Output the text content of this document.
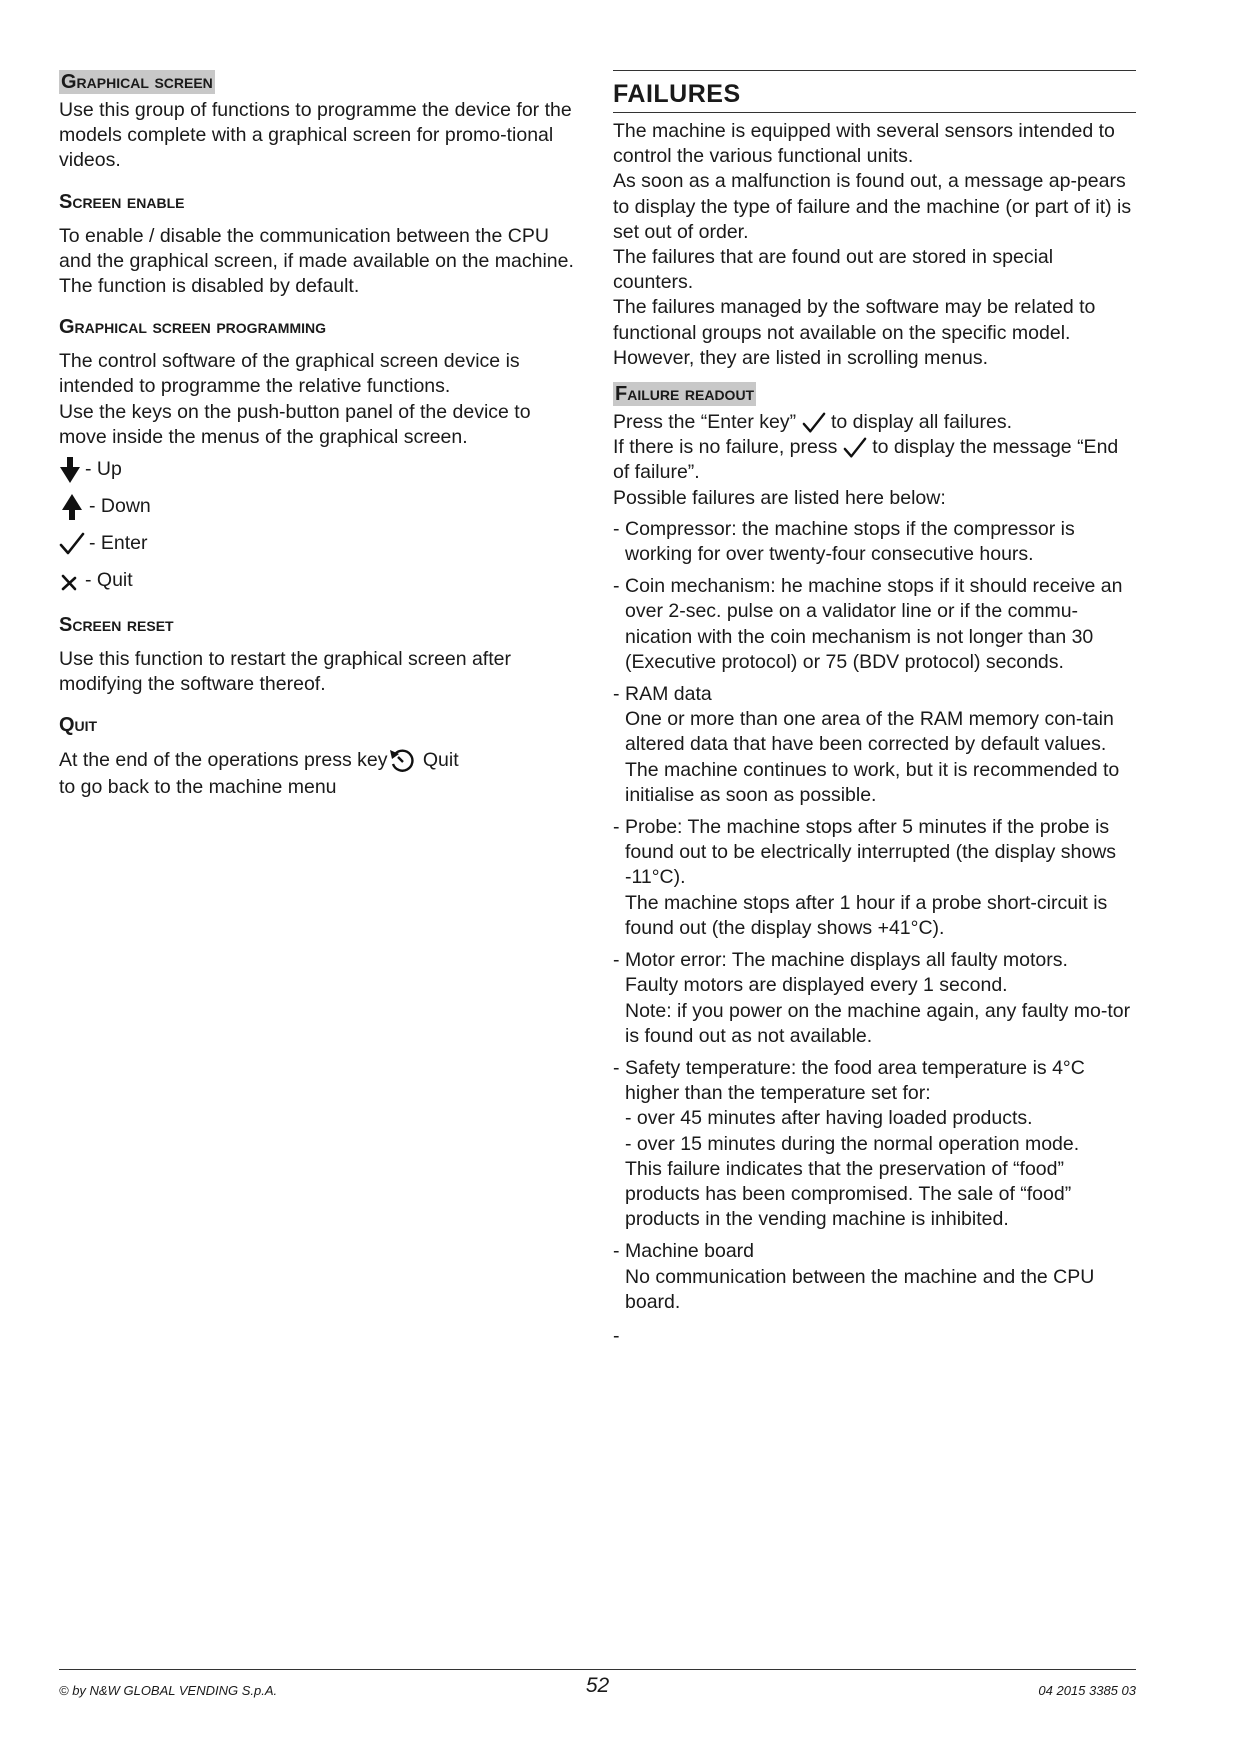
Graphical screen

Use this group of functions to programme the device for the models complete with a graphical screen for promo-tional videos.

Screen enable

To enable / disable the communication between the CPU and the graphical screen, if made available on the machine.

The function is disabled by default.

Graphical screen programming

The control software of the graphical screen device is intended to programme the relative functions.

Use the keys on the push-button panel of the device to move inside the menus of the graphical screen.

- Up
- Down
- Enter
- Quit
Screen reset

Use this function to restart the graphical screen after modifying the software thereof.

Quit

At the end of the operations press key Quit

to go back to the machine menu

FAILURES

The machine is equipped with several sensors intended to control the various functional units.

As soon as a malfunction is found out, a message ap-pears to display the type of failure and the machine (or part of it) is set out of order.

The failures that are found out are stored in special counters.

The failures managed by the software may be related to functional groups not available on the specific model. However, they are listed in scrolling menus.

Failure readout

Press the “Enter key”  to display all failures.

If there is no failure, press  to display the message “End of failure”.

Possible failures are listed here below:

- Compressor: the machine stops if the compressor is working for over twenty-four consecutive hours.

- Coin mechanism: he machine stops if it should receive an over 2-sec. pulse on a validator line or if the commu-nication with the coin mechanism is not longer than 30 (Executive protocol) or 75 (BDV protocol) seconds.

- RAM data

One or more than one area of the RAM memory con-tain altered data that have been corrected by default values.

The machine continues to work, but it is recommended to initialise as soon as possible.

- Probe: The machine stops after 5 minutes if the probe is found out to be electrically interrupted (the display shows -11°C).

The machine stops after 1 hour if a probe short-circuit is found out (the display shows +41°C).

- Motor error: The machine displays all faulty motors.

Faulty motors are displayed every 1 second.

Note: if you power on the machine again, any faulty mo-tor is found out as not available.

- Safety temperature: the food area temperature is 4°C higher than the temperature set for:

- over 45 minutes after having loaded products.

- over 15 minutes during the normal operation mode.

This failure indicates that the preservation of “food” products has been compromised. The sale of “food” products in the vending machine is inhibited.

- Machine board

No communication between the machine and the CPU board.

-

© by N&W GLOBAL VENDING S.p.A.	52	04 2015 3385 03
